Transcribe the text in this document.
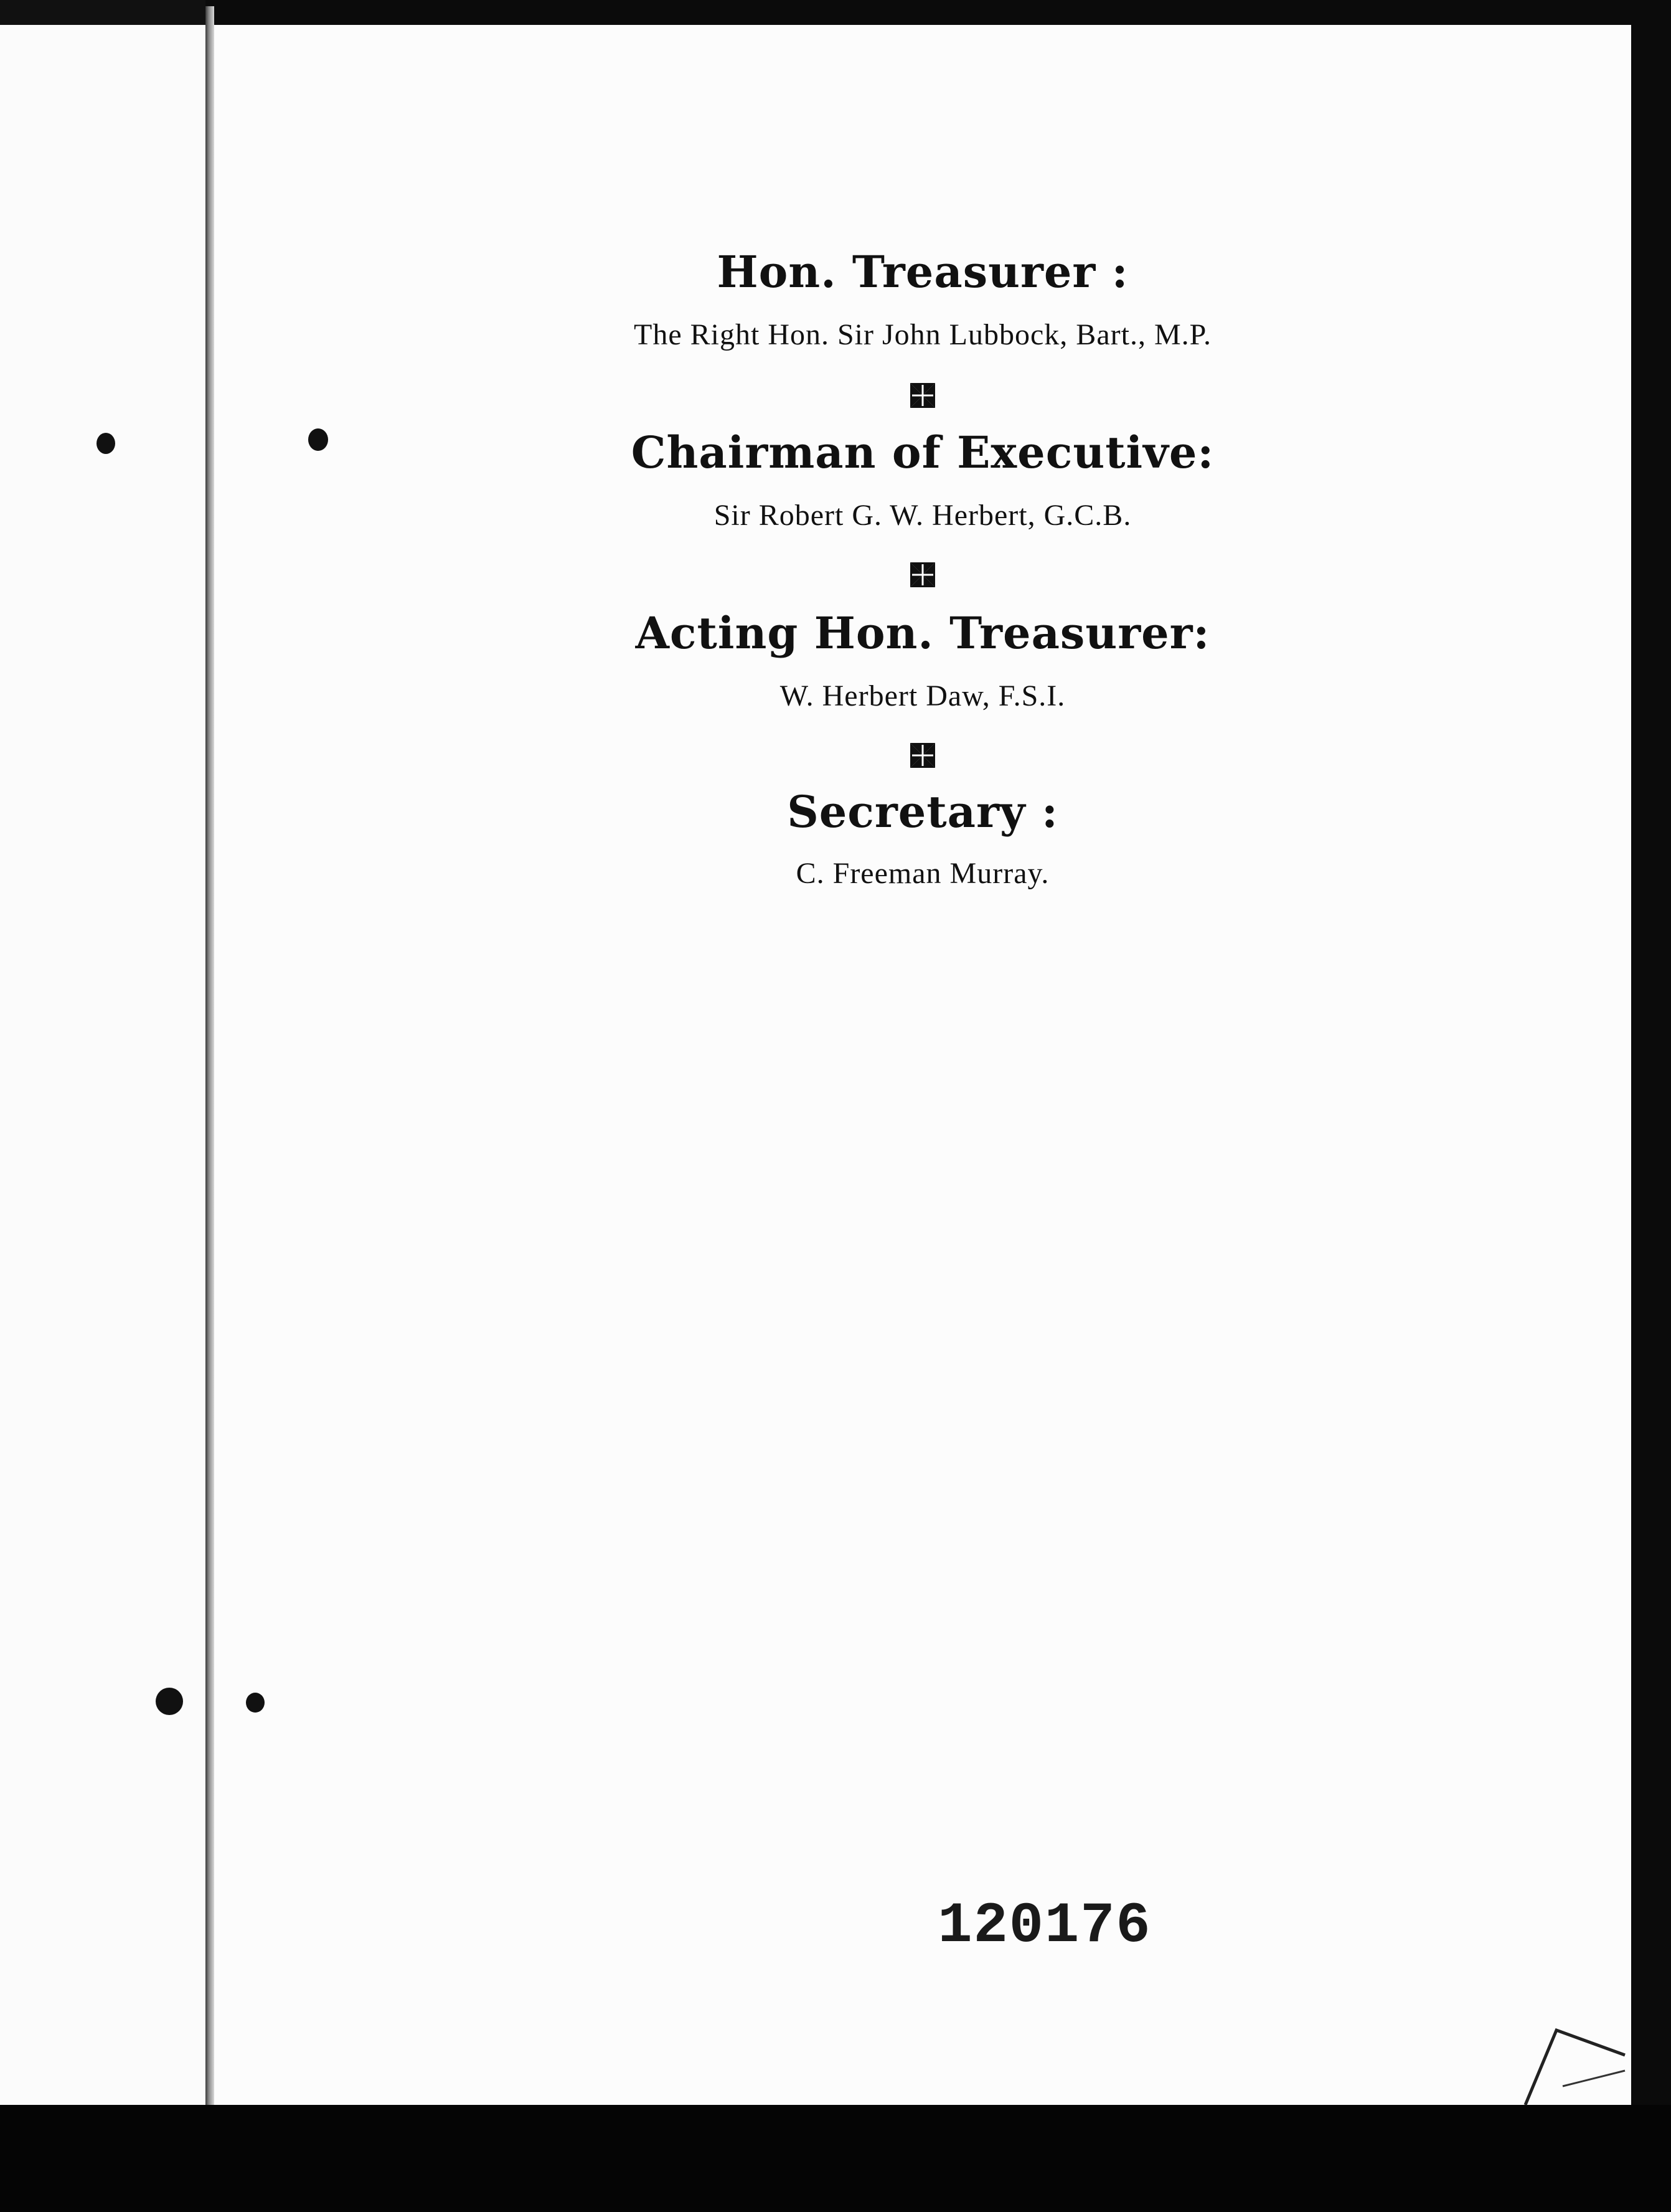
Hon. Treasurer :
The Right Hon. Sir John Lubbock, Bart., M.P.
Chairman of Executive:
Sir Robert G. W. Herbert, G.C.B.
Acting Hon. Treasurer:
W. Herbert Daw, F.S.I.
Secretary :
C. Freeman Murray.
120176
